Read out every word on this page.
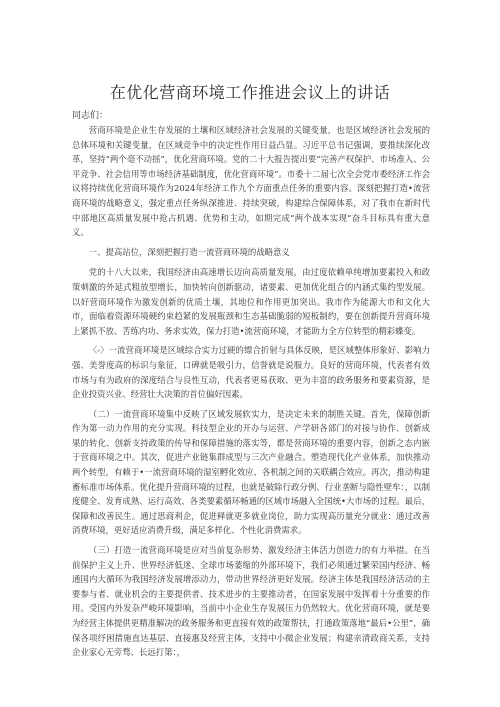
在优化营商环境工作推进会议上的讲话
同志们：

营商环境是企业生存发展的土壤和区域经济社会发展的关键变量，也是区域经济社会发展的总体环境和关键变量，在区域竞争中的决定性作用日益凸显。习近平总书记强调，要推续深化改革，坚持“两个毫不动摇”，优化营商环境。党的二十大报告提出要“完善产权保护、市场准入、公平竞争、社会信用等市场经济基础制度，优化营商环境”。市委十二届七次全会党市委经济工作会议将持续优化营商环境作为2024年经济工作九个方面重点任务的重要内容。深刻把握打造•流营商环境的战略意义，强定重点任务纵深推进、持续突破，构建综合保障体系，对了我市在新时代中部地区高质量发展中抢占机遇、优势和主动，如期完成“两个战本实现”奋斗目标具有重大意义。

一、提高站位，深刻把握打造一流营商环境的战略意义

党的十八大以来，我国经济由高速增长迈向高质量发展，由过度依赖单纯增加要素投入和政策刺激的外延式粗放型增长，加快转向创新驱动，诸要素、更加优化组合的内涵式集约型发展。以好营商环境作为激发创新的优质土壤，其地位和作用更加突出。我市作为能源大市和文化大市，面临着资源环境硬约束趋紧的发展瓶颈和生态基础脆弱的短板制约，要在创新提升营商环境上紧抓不放、苦练内功、务求实效，保力打造•流营商环境，才能助力全方位转型的精彩蝶变。

〈-〉一流营商环境是区域综合实力过硬的缥合折射与具体反映，是区域整体形象好、影响力强、美誉度高的标识与象征，口碑就是吸引力，信誉就是说服力。良好的营商环境，代表者有效市场与有为政府的深度结合与良性互动，代表者更易获取、更为丰富的政务服务和要素资源，是企业投资兴业、经营壮大决策的首位偏好因素。

（二）一流营商环境集中反映了区域发展软实力，是决定未来的制胜关键。首先，保障创新作为第一动力作用的充分实现。科技型企业的开办与运营、产学研各部门的对接与协作、创新成果的转化、创新支持政策的传导和保障措施的落实等，都是营商环境的重要内容，创新之态内嵌于营商环境之中。其次，促进产业链集群成型与三次产业融合。塑造现代化产业体系，加快推动两个转型，有赖于•一流营商环境的湿室孵化效应、各机制之间的关联耦合效应。再次，推动构建畜标准市场体系。优化提升营商环境的过程，也就是破除行政分例、行业垄断与隐性壁牟：，以制度健全、发育成熟、运行高效、各类要素循环畅通的区域市场融入全国统•大市场的过程。最后，保障和改善民生。通过思商利企，促进释就更多就业岗位，助力实现高历量充分就业：通过改善消费环境，更好适应消费升级，满足多样化、个性化消费需求。

（三）打造一流营商环境是应对当前复杂形势、激发经济主体活力创造力的有力举措。在当前保护主义上升、世界经济低迷、全球市场萎缩的外部环境下，我们必须通过繁荣国内经济、畅通国内大循环为我国经济发展增添动力，带动世界经济更好发展。经济主体是我国经济活动的主要参与者、就业机会的主要提供者、技术进步的主要推动者，在国家发展中发挥着十分重要的作用。受国内外发杂严峻环境影响，当前中小企业生存发展压力仍然较大。优化营商环境，就是要为经营主体提供更精准解决的政务服务和更直接有效的政策帮扶，打通政策落地“最后•公里”，确保各项纾困措施直达基层、直接惠及经营主体，支持中小微企业发展；构建亲清政商关系，支持企业家心无旁骛、长远打第：，
